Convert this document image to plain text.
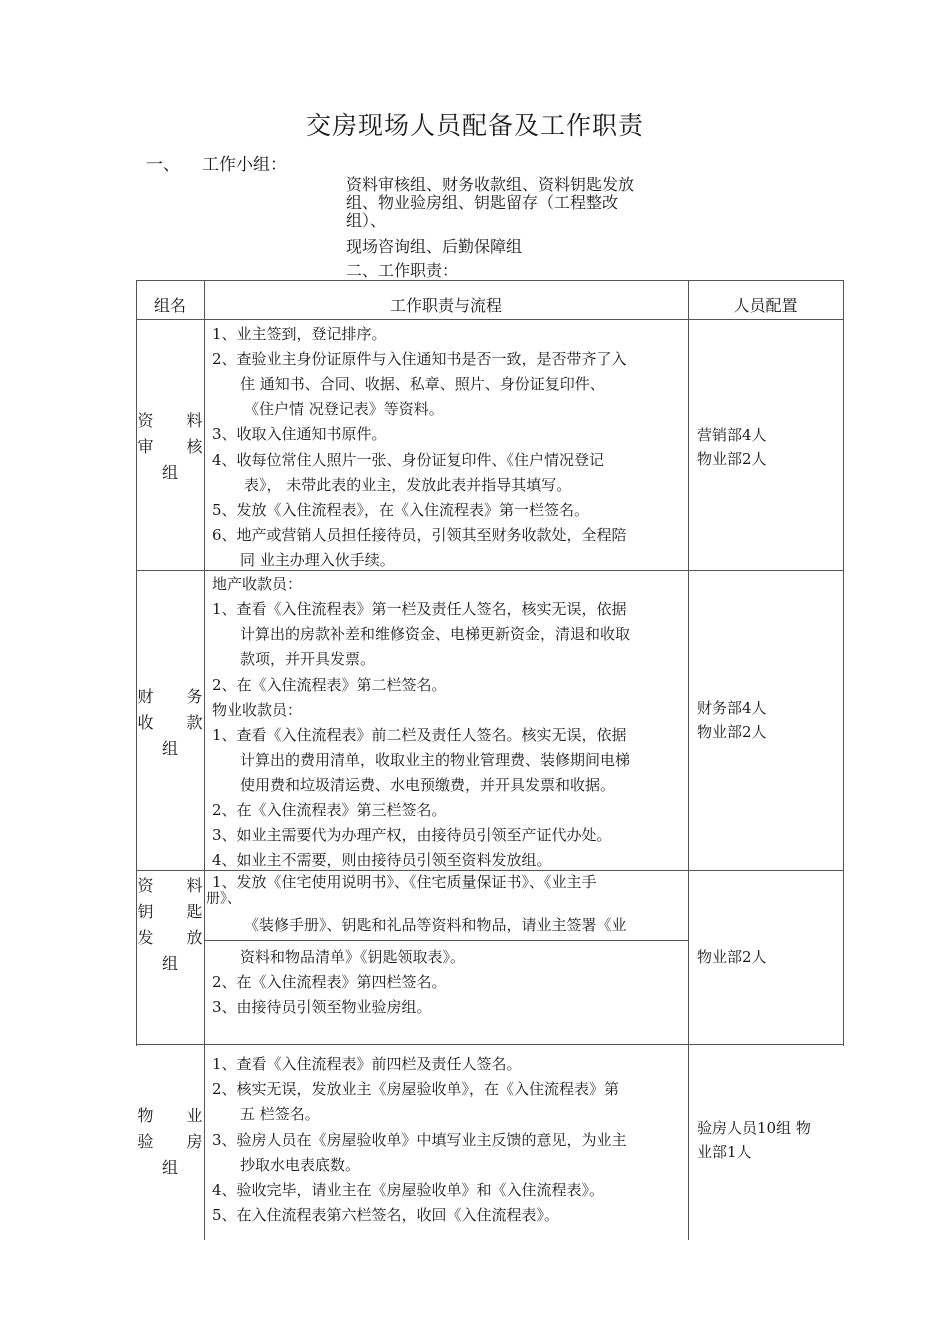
交房现场人员配备及工作职责
一、 工作小组：
资料审核组、财务收款组、资料钥匙发放
组、物业验房组、钥匙留存（工程整改
组）、
现场咨询组、后勤保障组
二、工作职责：
组名	工作职责与流程	人员配置
资 料
审 核
组
1、业主签到，登记排序。
2、查验业主身份证原件与入住通知书是否一致，是否带齐了入
住 通知书、合同、收据、私章、照片、身份证复印件、
《住户情 况登记表》等资料。
3、收取入住通知书原件。
4、收每位常住人照片一张、身份证复印件、《住户情况登记
表》， 未带此表的业主，发放此表并指导其填写。
5、发放《入住流程表》，在《入住流程表》第一栏签名。
6、地产或营销人员担任接待员，引领其至财务收款处，全程陪
同 业主办理入伙手续。
营销部4人
物业部2人
财 务
收 款
组
地产收款员：
1、查看《入住流程表》第一栏及责任人签名，核实无误，依据
计算出的房款补差和维修资金、电梯更新资金，清退和收取
款项，并开具发票。
2、在《入住流程表》第二栏签名。
物业收款员：
1、查看《入住流程表》前二栏及责任人签名。核实无误，依据
计算出的费用清单，收取业主的物业管理费、装修期间电梯
使用费和垃圾清运费、水电预缴费，并开具发票和收据。
2、在《入住流程表》第三栏签名。
3、如业主需要代为办理产权，由接待员引领至产证代办处。
4、如业主不需要，则由接待员引领至资料发放组。
财务部4人
物业部2人
资 料
钥 匙
发 放
组
1、发放《住宅使用说明书》、《住宅质量保证书》、《业主手
册》、
《装修手册》、钥匙和礼品等资料和物品，请业主签署《业
资料和物品清单》《钥匙领取表》。
2、在《入住流程表》第四栏签名。
3、由接待员引领至物业验房组。
物业部2人
物 业
验 房
组
1、查看《入住流程表》前四栏及责任人签名。
2、核实无误，发放业主《房屋验收单》，在《入住流程表》第
五 栏签名。
3、验房人员在《房屋验收单》中填写业主反馈的意见，为业主
抄取水电表底数。
4、验收完毕，请业主在《房屋验收单》和《入住流程表》。
5、在入住流程表第六栏签名，收回《入住流程表》。
验房人员10组 物
业部1人
